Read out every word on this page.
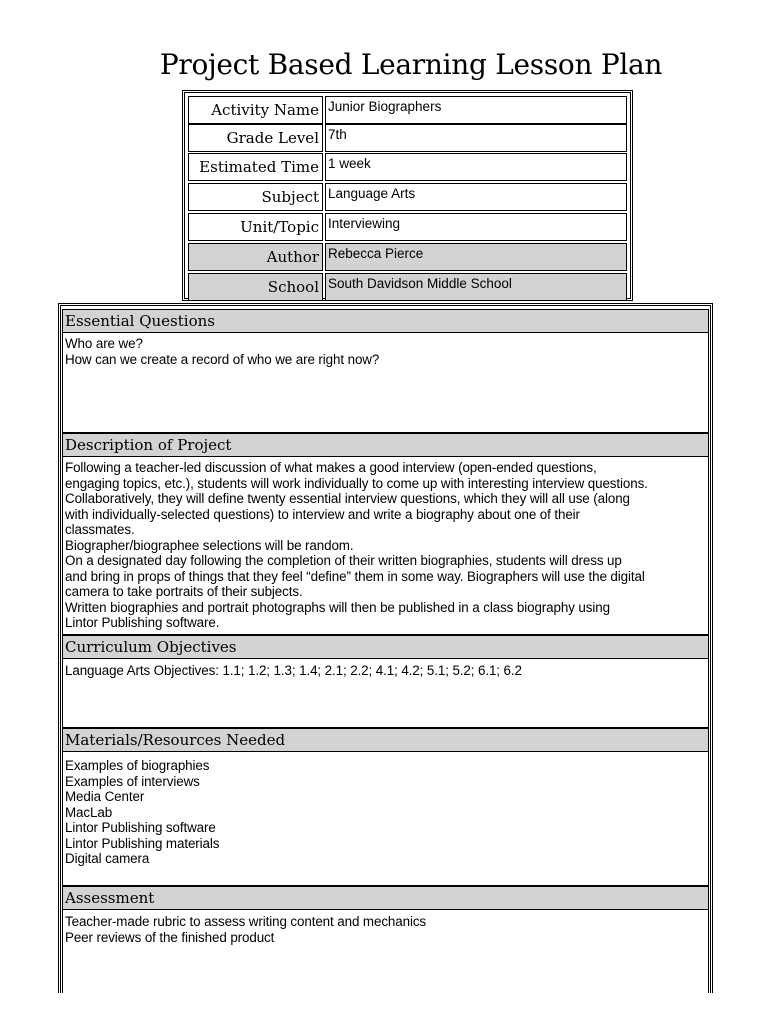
Project Based Learning Lesson Plan
Activity Name Junior Biographers
Grade Level 7th
Estimated Time 1 week
Subject Language Arts
Unit/Topic Interviewing
Author Rebecca Pierce
School South Davidson Middle School
Essential Questions
Who are we?
How can we create a record of who we are right now?
Description of Project
Following a teacher-led discussion of what makes a good interview (open-ended questions,
engaging topics, etc.), students will work individually to come up with interesting interview questions.
Collaboratively, they will define twenty essential interview questions, which they will all use (along
with individually-selected questions) to interview and write a biography about one of their
classmates.
Biographer/biographee selections will be random.
On a designated day following the completion of their written biographies, students will dress up
and bring in props of things that they feel “define” them in some way. Biographers will use the digital
camera to take portraits of their subjects.
Written biographies and portrait photographs will then be published in a class biography using
Lintor Publishing software.
Curriculum Objectives
Language Arts Objectives: 1.1; 1.2; 1.3; 1.4; 2.1; 2.2; 4.1; 4.2; 5.1; 5.2; 6.1; 6.2
Materials/Resources Needed
Examples of biographies
Examples of interviews
Media Center
MacLab
Lintor Publishing software
Lintor Publishing materials
Digital camera
Assessment
Teacher-made rubric to assess writing content and mechanics
Peer reviews of the finished product
